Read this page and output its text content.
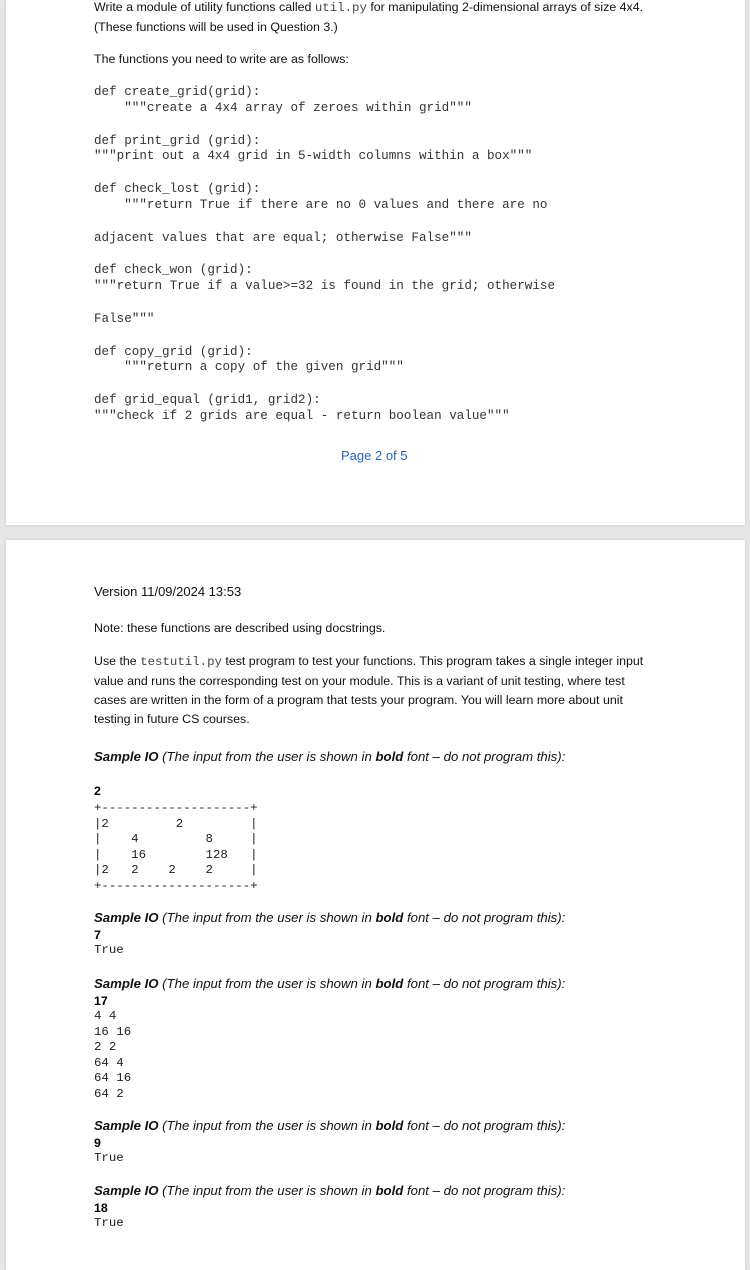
Write a module of utility functions called util.py for manipulating 2-dimensional arrays of size 4x4. (These functions will be used in Question 3.)

The functions you need to write are as follows:

def create_grid(grid):
"""create a 4x4 array of zeroes within grid"""
def print_grid (grid):
"""print out a 4x4 grid in 5-width columns within a box"""
def check_lost (grid):
"""return True if there are no 0 values and there are no
adjacent values that are equal; otherwise False"""
def check_won (grid):
"""return True if a value>=32 is found in the grid; otherwise
False"""
def copy_grid (grid):
"""return a copy of the given grid"""
def grid_equal (grid1, grid2):
"""check if 2 grids are equal - return boolean value"""
Page 2 of 5

Version 11/09/2024 13:53

Note: these functions are described using docstrings.

Use the testutil.py test program to test your functions. This program takes a single integer input value and runs the corresponding test on your module. This is a variant of unit testing, where test cases are written in the form of a program that tests your program. You will learn more about unit testing in future CS courses.

Sample IO (The input from the user is shown in bold font – do not program this):
2
+--------------------+
|2         2         |
|    4         8     |
|    16        128   |
|2   2    2    2     |
+--------------------+
Sample IO (The input from the user is shown in bold font – do not program this):
7
True
Sample IO (The input from the user is shown in bold font – do not program this):
17
4 4
16 16
2 2
64 4
64 16
64 2
Sample IO (The input from the user is shown in bold font – do not program this):
9
True
Sample IO (The input from the user is shown in bold font – do not program this):
18
True
